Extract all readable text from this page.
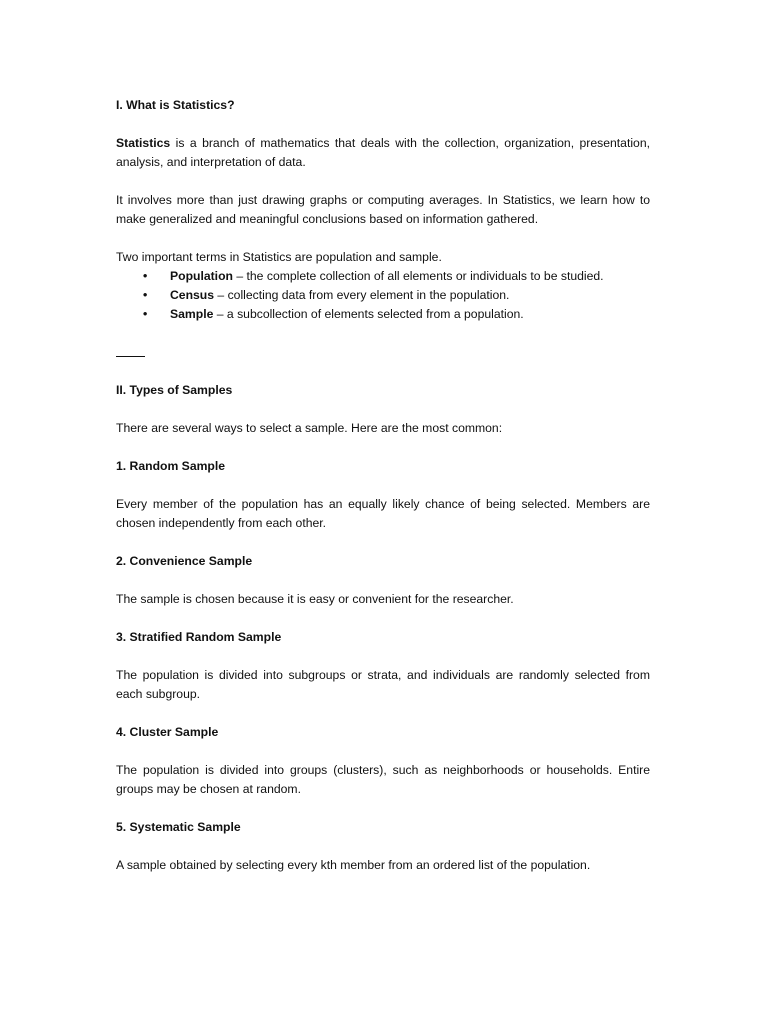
I. What is Statistics?

Statistics is a branch of mathematics that deals with the collection, organization, presentation, analysis, and interpretation of data.

It involves more than just drawing graphs or computing averages. In Statistics, we learn how to make generalized and meaningful conclusions based on information gathered.

Two important terms in Statistics are population and sample.

• Population – the complete collection of all elements or individuals to be studied.
• Census – collecting data from every element in the population.
• Sample – a subcollection of elements selected from a population.
II. Types of Samples

There are several ways to select a sample. Here are the most common:

1. Random Sample

Every member of the population has an equally likely chance of being selected. Members are chosen independently from each other.

2. Convenience Sample

The sample is chosen because it is easy or convenient for the researcher.

3. Stratified Random Sample

The population is divided into subgroups or strata, and individuals are randomly selected from each subgroup.

4. Cluster Sample

The population is divided into groups (clusters), such as neighborhoods or households. Entire groups may be chosen at random.

5. Systematic Sample

A sample obtained by selecting every kth member from an ordered list of the population.
